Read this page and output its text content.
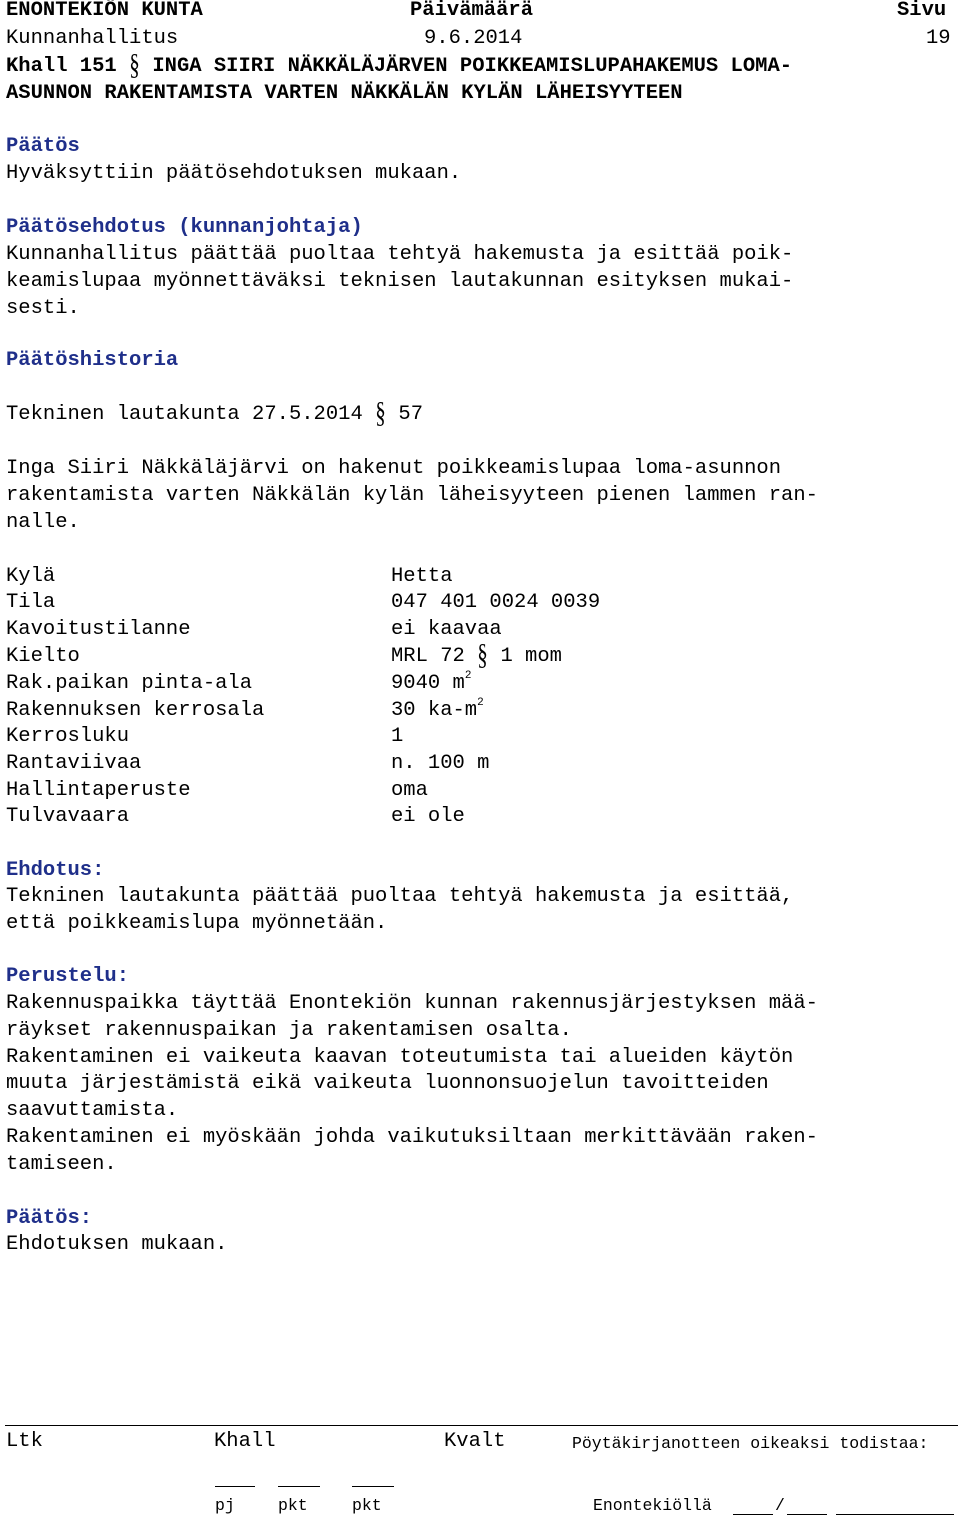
ENONTEKIÖN KUNTA	Päivämäärä	Sivu
Kunnanhallitus	9.6.2014	19
Khall 151 § INGA SIIRI NÄKKÄLÄJÄRVEN POIKKEAMISLUPAHAKEMUS LOMA-
ASUNNON RAKENTAMISTA VARTEN NÄKKÄLÄN KYLÄN LÄHEISYYTEEN
Päätös
Hyväksyttiin päätösehdotuksen mukaan.
Päätösehdotus (kunnanjohtaja)
Kunnanhallitus päättää puoltaa tehtyä hakemusta ja esittää poik-
keamislupaa myönnettäväksi teknisen lautakunnan esityksen mukai-
sesti.
Päätöshistoria
Tekninen lautakunta 27.5.2014 § 57
Inga Siiri Näkkäläjärvi on hakenut poikkeamislupaa loma-asunnon
rakentamista varten Näkkälän kylän läheisyyteen pienen lammen ran-
nalle.
Kylä	Hetta
Tila	047 401 0024 0039
Kavoitustilanne	ei kaavaa
Kielto	MRL 72 § 1 mom
Rak.paikan pinta-ala	9040 $m^2$
Rakennuksen kerrosala	30 $ka-m^2$
Kerrosluku	1
Rantaviivaa	n. 100 m
Hallintaperuste	oma
Tulvavaara	ei ole
Ehdotus:
Tekninen lautakunta päättää puoltaa tehtyä hakemusta ja esittää,
että poikkeamislupa myönnetään.
Perustelu:
Rakennuspaikka täyttää Enontekiön kunnan rakennusjärjestyksen mää-
räykset rakennuspaikan ja rakentamisen osalta.
Rakentaminen ei vaikeuta kaavan toteutumista tai alueiden käytön
muuta järjestämistä eikä vaikeuta luonnonsuojelun tavoitteiden
saavuttamista.
Rakentaminen ei myöskään johda vaikutuksiltaan merkittävään raken-
tamiseen.
Päätös:
Ehdotuksen mukaan.
Ltk	Khall	Kvalt	Pöytäkirjanotteen oikeaksi todistaa:
pj	pkt	pkt	Enontekiöllä	/
